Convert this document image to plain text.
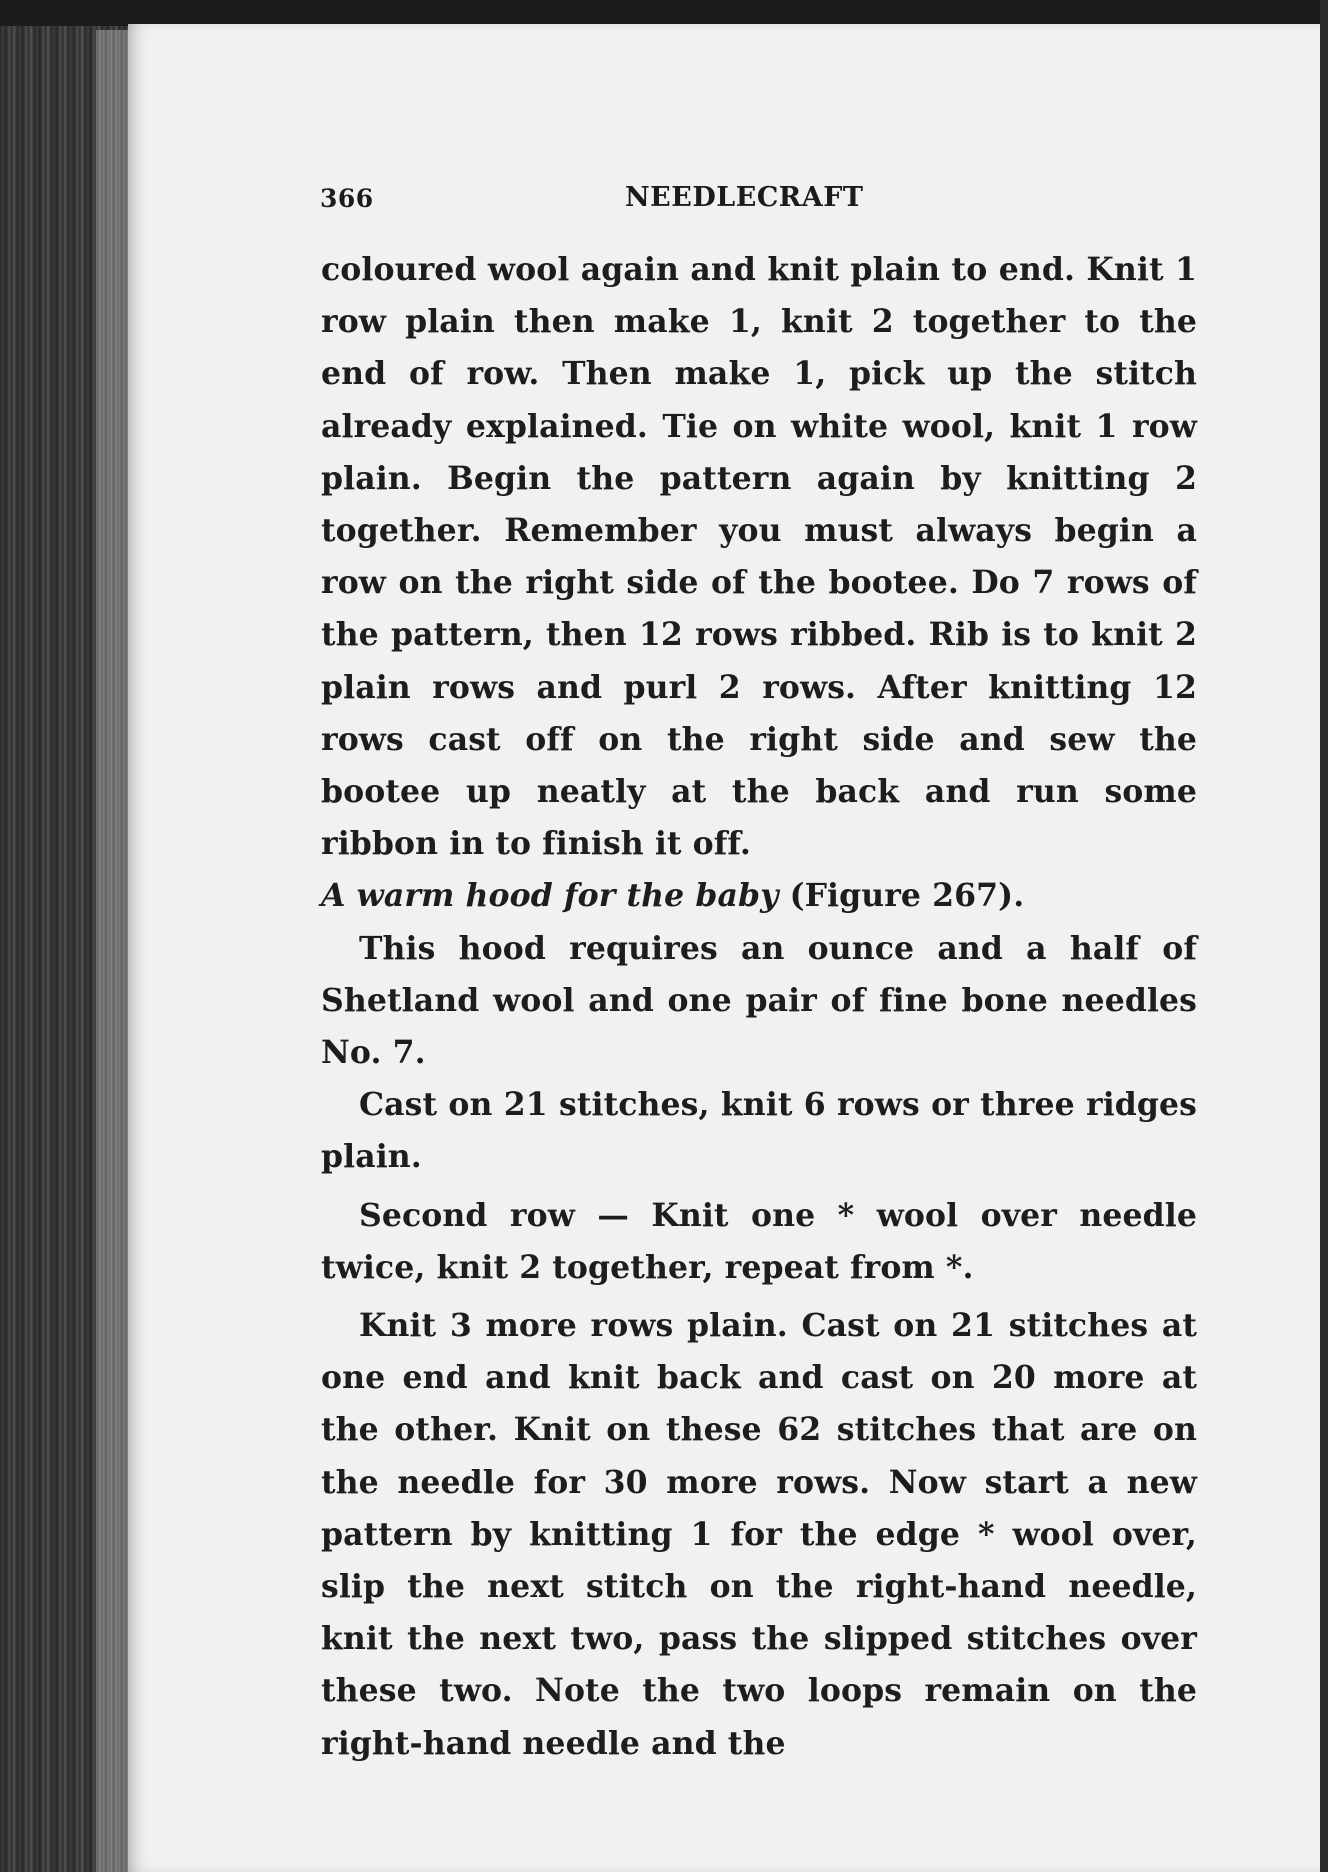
366	NEEDLECRAFT

coloured wool again and knit plain to end. Knit 1 row plain then make 1, knit 2 together to the end of row. Then make 1, pick up the stitch already explained. Tie on white wool, knit 1 row plain. Begin the pattern again by knitting 2 together. Remember you must always begin a row on the right side of the bootee. Do 7 rows of the pattern, then 12 rows ribbed. Rib is to knit 2 plain rows and purl 2 rows. After knitting 12 rows cast off on the right side and sew the bootee up neatly at the back and run some ribbon in to finish it off.

A warm hood for the baby (Figure 267).

This hood requires an ounce and a half of Shetland wool and one pair of fine bone needles No. 7.

Cast on 21 stitches, knit 6 rows or three ridges plain.

Second row — Knit one * wool over needle twice, knit 2 together, repeat from *.

Knit 3 more rows plain. Cast on 21 stitches at one end and knit back and cast on 20 more at the other. Knit on these 62 stitches that are on the needle for 30 more rows. Now start a new pattern by knitting 1 for the edge * wool over, slip the next stitch on the right-hand needle, knit the next two, pass the slipped stitches over these two. Note the two loops remain on the right-hand needle and the
